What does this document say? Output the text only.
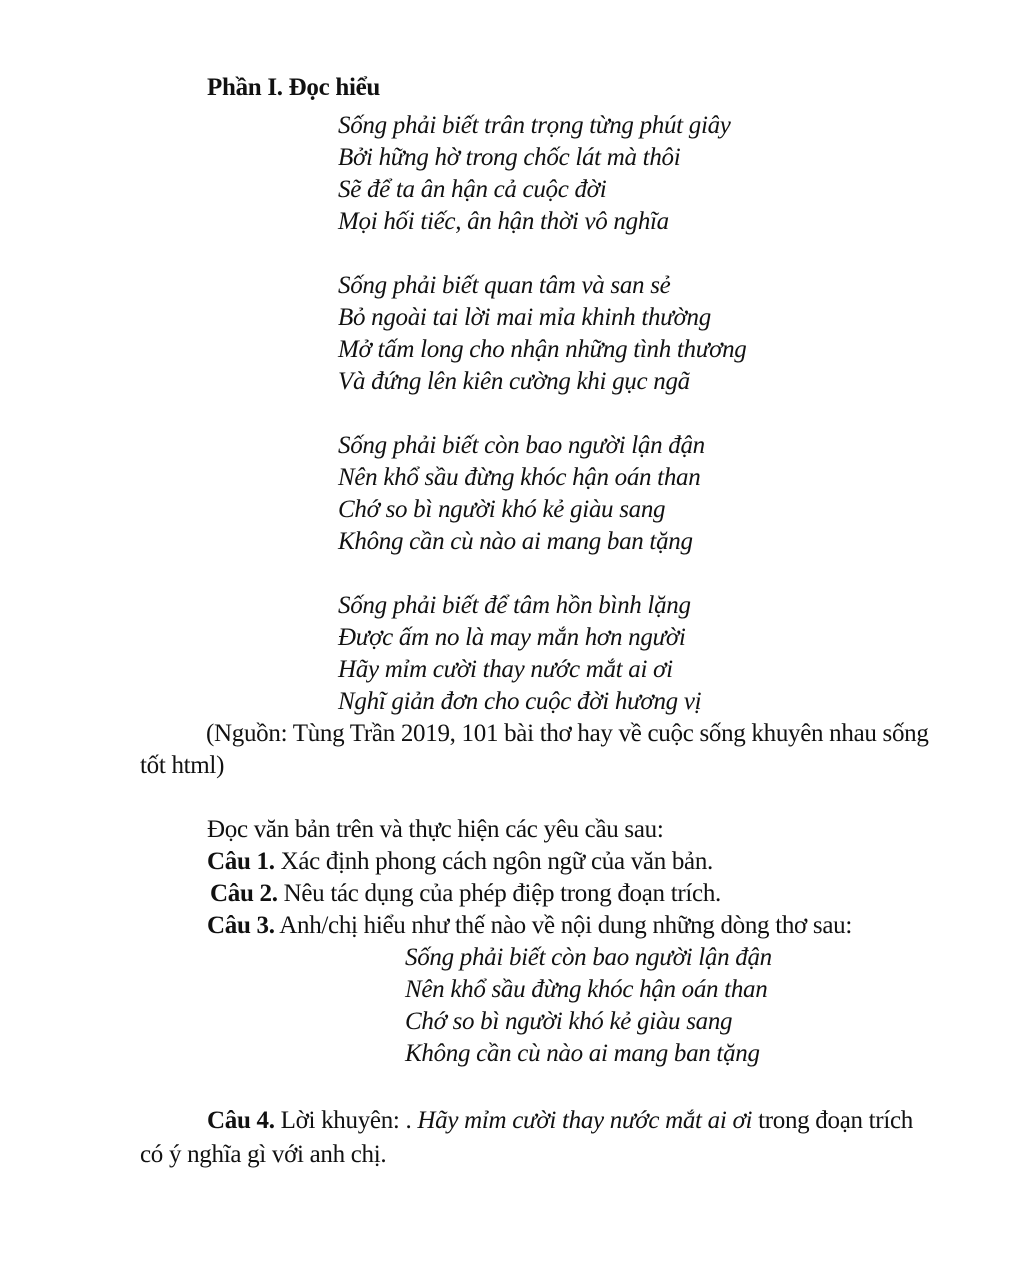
Phần I. Đọc hiểu
Sống phải biết trân trọng từng phút giây
Bởi hững hờ trong chốc lát mà thôi
Sẽ để ta ân hận cả cuộc đời
Mọi hối tiếc, ân hận thời vô nghĩa
Sống phải biết quan tâm và san sẻ
Bỏ ngoài tai lời mai mỉa khinh thường
Mở tấm long cho nhận những tình thương
Và đứng lên kiên cường khi gục ngã
Sống phải biết còn bao người lận đận
Nên khổ sầu đừng khóc hận oán than
Chớ so bì người khó kẻ giàu sang
Không cần cù nào ai mang ban tặng
Sống phải biết để tâm hồn bình lặng
Được ấm no là may mắn hơn người
Hãy mỉm cười thay nước mắt ai ơi
Nghĩ giản đơn cho cuộc đời hương vị
(Nguồn: Tùng Trần 2019, 101 bài thơ hay về cuộc sống khuyên nhau sống tốt html)
Đọc văn bản trên và thực hiện các yêu cầu sau:
Câu 1. Xác định phong cách ngôn ngữ của văn bản.
Câu 2. Nêu tác dụng của phép điệp trong đoạn trích.
Câu 3. Anh/chị hiểu như thế nào về nội dung những dòng thơ sau:
Sống phải biết còn bao người lận đận
Nên khổ sầu đừng khóc hận oán than
Chớ so bì người khó kẻ giàu sang
Không cần cù nào ai mang ban tặng
Câu 4. Lời khuyên: . Hãy mỉm cười thay nước mắt ai ơi trong đoạn trích có ý nghĩa gì với anh chị.
